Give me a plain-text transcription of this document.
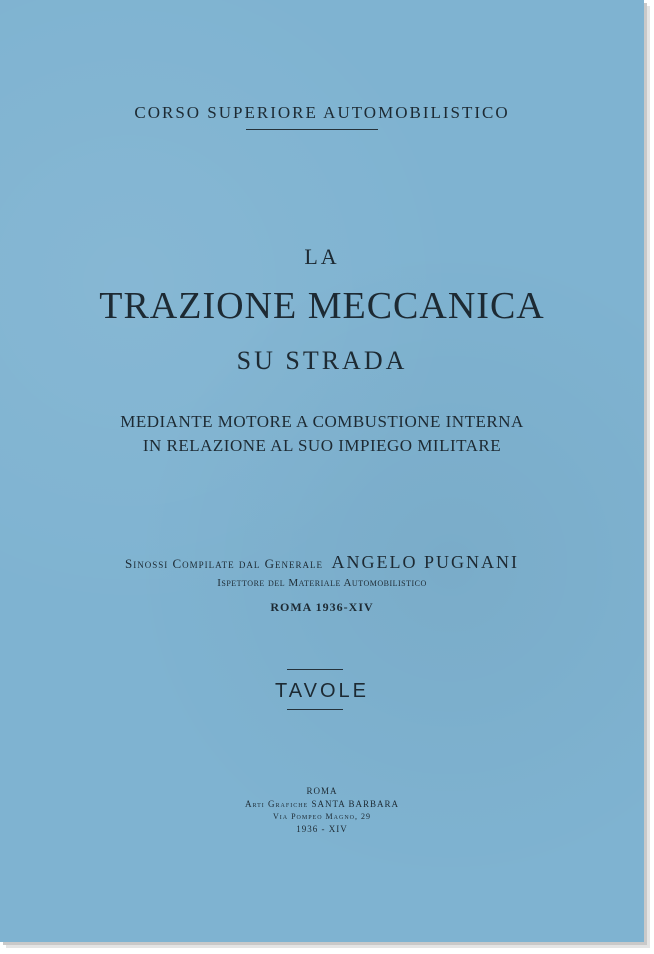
CORSO SUPERIORE AUTOMOBILISTICO
LA
TRAZIONE MECCANICA
SU STRADA
MEDIANTE MOTORE A COMBUSTIONE INTERNA
IN RELAZIONE AL SUO IMPIEGO MILITARE
Sinossi Compilate dal Generale ANGELO PUGNANI
Ispettore del Materiale Automobilistico
ROMA 1936-XIV
TAVOLE
ROMA
Arti Grafiche SANTA BARBARA
Via Pompeo Magno, 29
1936 - XIV
